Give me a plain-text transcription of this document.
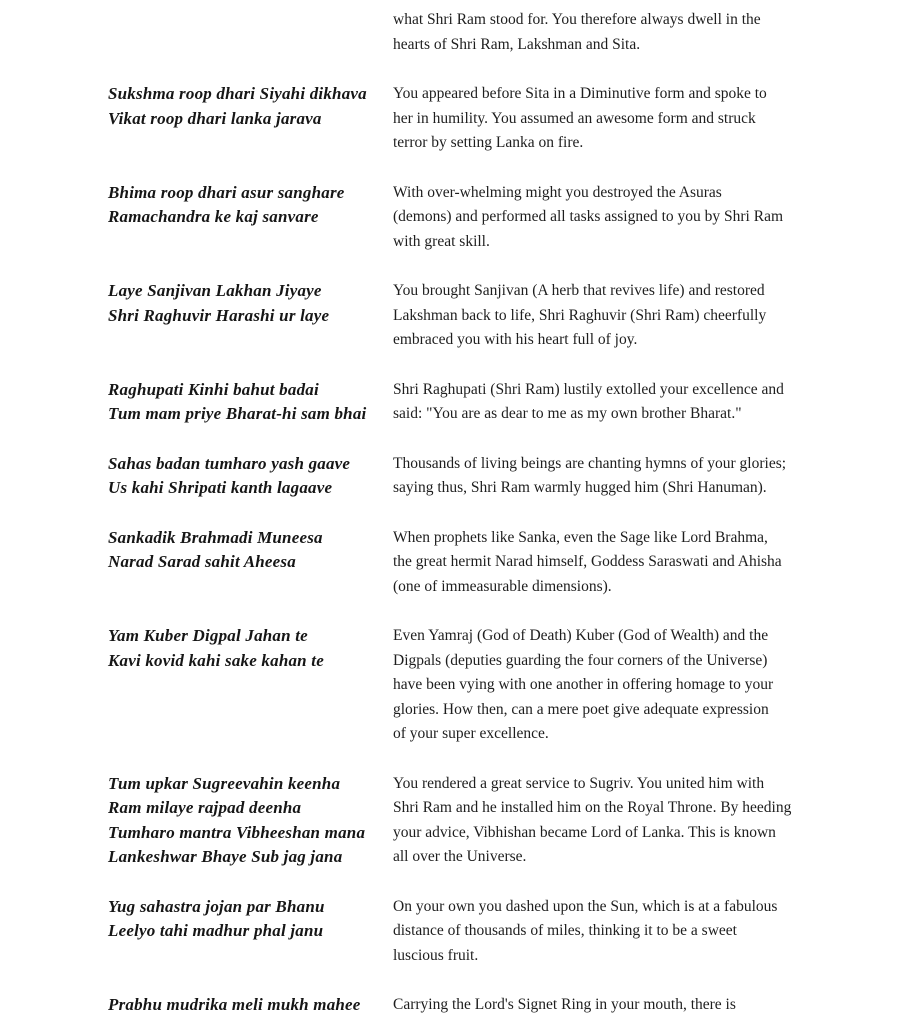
what Shri Ram stood for. You therefore always dwell in the
hearts of Shri Ram, Lakshman and Sita.
Sukshma roop dhari Siyahi dikhava
Vikat roop dhari lanka jarava
You appeared before Sita in a Diminutive form and spoke to
her in humility. You assumed an awesome form and struck
terror by setting Lanka on fire.
Bhima roop dhari asur sanghare
Ramachandra ke kaj sanvare
With over-whelming might you destroyed the Asuras
(demons) and performed all tasks assigned to you by Shri Ram
with great skill.
Laye Sanjivan Lakhan Jiyaye
Shri Raghuvir Harashi ur laye
You brought Sanjivan (A herb that revives life) and restored
Lakshman back to life, Shri Raghuvir (Shri Ram) cheerfully
embraced you with his heart full of joy.
Raghupati Kinhi bahut badai
Tum mam priye Bharat-hi sam bhai
Shri Raghupati (Shri Ram) lustily extolled your excellence and
said: "You are as dear to me as my own brother Bharat."
Sahas badan tumharo yash gaave
Us kahi Shripati kanth lagaave
Thousands of living beings are chanting hymns of your glories;
saying thus, Shri Ram warmly hugged him (Shri Hanuman).
Sankadik Brahmadi Muneesa
Narad Sarad sahit Aheesa
When prophets like Sanka, even the Sage like Lord Brahma,
the great hermit Narad himself, Goddess Saraswati and Ahisha
(one of immeasurable dimensions).
Yam Kuber Digpal Jahan te
Kavi kovid kahi sake kahan te
Even Yamraj (God of Death) Kuber (God of Wealth) and the
Digpals (deputies guarding the four corners of the Universe)
have been vying with one another in offering homage to your
glories. How then, can a mere poet give adequate expression
of your super excellence.
Tum upkar Sugreevahin keenha
Ram milaye rajpad deenha
Tumharo mantra Vibheeshan mana
Lankeshwar Bhaye Sub jag jana
You rendered a great service to Sugriv. You united him with
Shri Ram and he installed him on the Royal Throne. By heeding
your advice, Vibhishan became Lord of Lanka. This is known
all over the Universe.
Yug sahastra jojan par Bhanu
Leelyo tahi madhur phal janu
On your own you dashed upon the Sun, which is at a fabulous
distance of thousands of miles, thinking it to be a sweet
luscious fruit.
Prabhu mudrika meli mukh mahee	Carrying the Lord's Signet Ring in your mouth, there is
